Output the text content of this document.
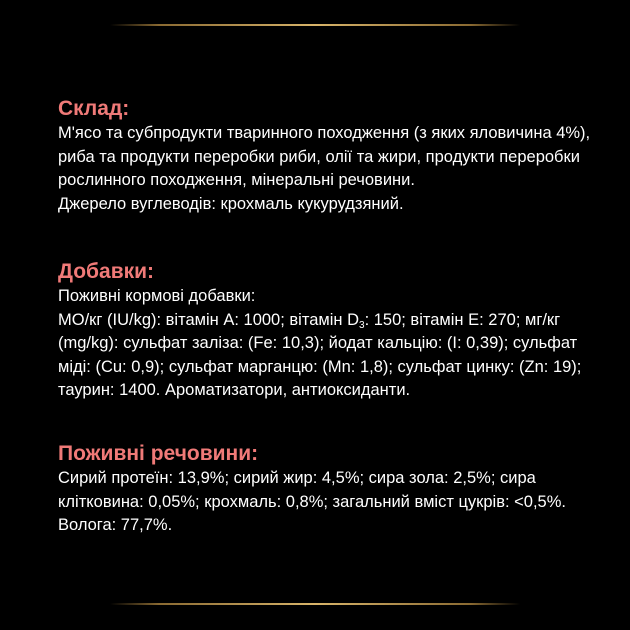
Склад:

М'ясо та субпродукти тваринного походження (з яких яловичина 4%), риба та продукти переробки риби, олії та жири, продукти переробки рослинного походження, мінеральні речовини.

Джерело вуглеводів: крохмаль кукурудзяний.

Добавки:

Поживні кормові добавки:

МО/кг (IU/kg): вітамін А: 1000; вітамін $D_3$: 150; вітамін Е: 270; мг/кг (mg/kg): сульфат заліза: (Fe: 10,3); йодат кальцію: (I: 0,39); сульфат міді: (Cu: 0,9); сульфат марганцю: (Mn: 1,8); сульфат цинку: (Zn: 19); таурин: 1400. Ароматизатори, антиоксиданти.

Поживні речовини:

Сирий протеїн: 13,9%; сирий жир: 4,5%; сира зола: 2,5%; сира клітковина: 0,05%; крохмаль: 0,8%; загальний вміст цукрів: <0,5%. Волога: 77,7%.
